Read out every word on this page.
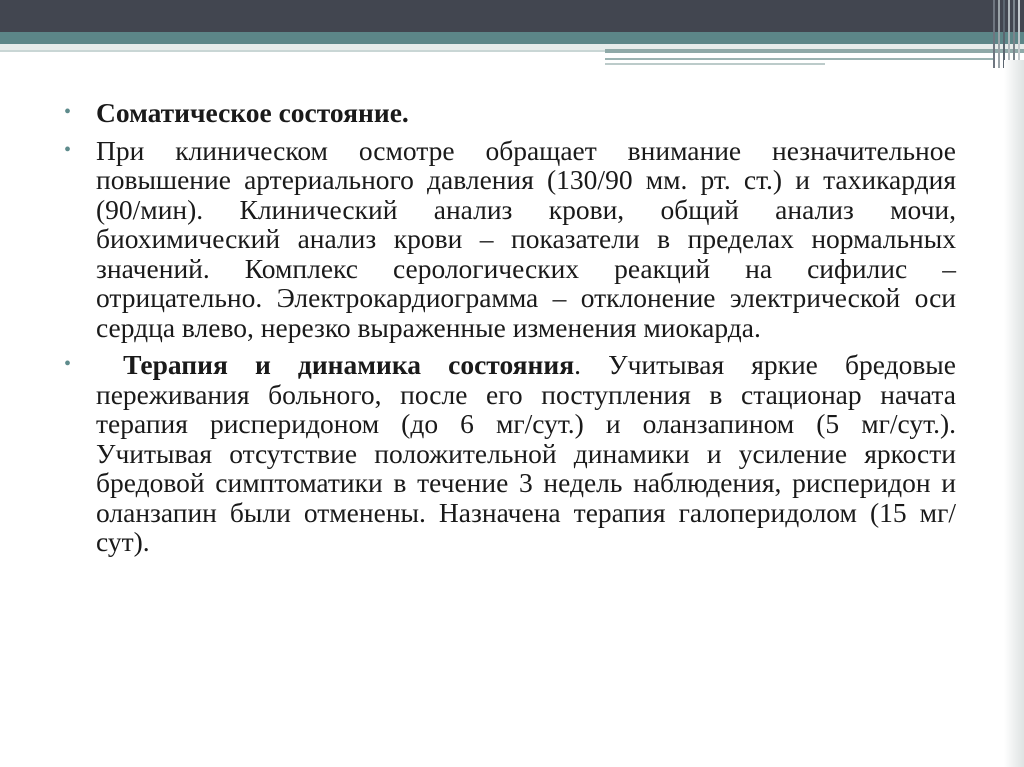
• Соматическое состояние.
• При клиническом осмотре обращает внимание незначительное повышение артериального давления (130/90 мм. рт. ст.) и тахикардия (90/мин). Клинический анализ крови, общий анализ мочи, биохимический анализ крови – показатели в пределах нормальных значений. Комплекс серологических реакций на сифилис – отрицательно. Электрокардиограмма – отклонение электрической оси сердца влево, нерезко выраженные изменения миокарда.
• Терапия и динамика состояния. Учитывая яркие бредовые переживания больного, после его поступления в стационар начата терапия рисперидоном (до 6 мг/сут.) и оланзапином (5 мг/сут.). Учитывая отсутствие положительной динамики и усиление яркости бредовой симптоматики в течение 3 недель наблюдения, рисперидон и оланзапин были отменены. Назначена терапия галоперидолом (15 мг/сут).
